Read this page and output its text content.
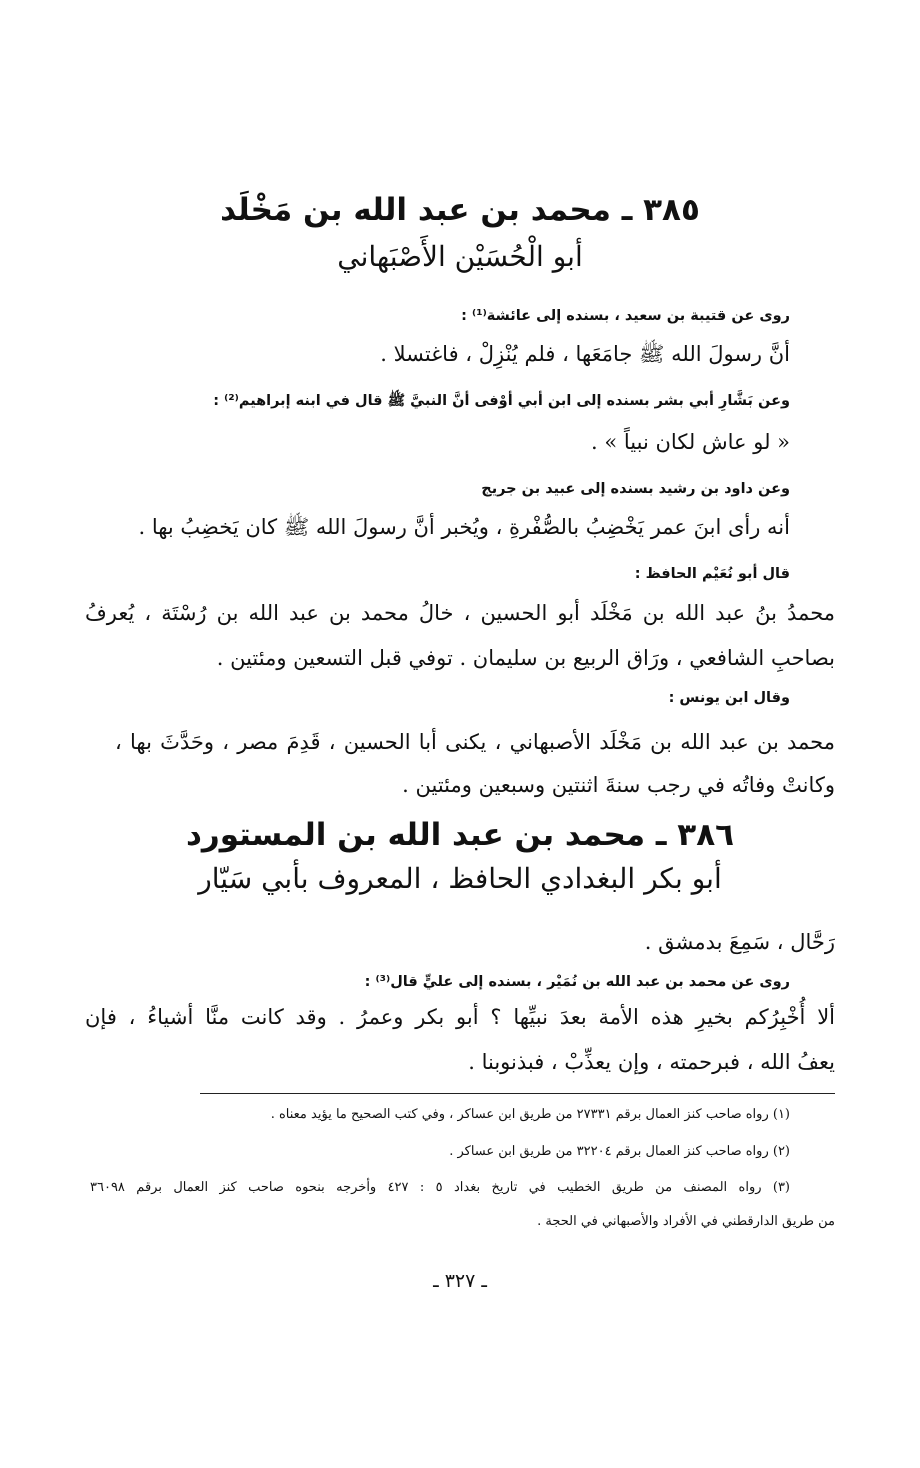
٣٨٥ ـ محمد بن عبد الله بن مَخْلَد
أبو الْحُسَيْن الأَصْبَهاني
روى عن قتيبة بن سعيد ، بسنده إلى عائشة⁽¹⁾ :
أنَّ رسولَ الله ﷺ جامَعَها ، فلم يُنْزِلْ ، فاغتسلا .
وعن بَشَّارِ أبي بشر بسنده إلى ابن أبي أوْفى أنَّ النبيَّ ﷺ قال في ابنه إبراهيم⁽²⁾ :
« لو عاش لكان نبياً » .
وعن داود بن رشيد بسنده إلى عبيد بن جريج
أنه رأى ابنَ عمر يَخْضِبُ بالصُّفْرةِ ، ويُخبر أنَّ رسولَ الله ﷺ كان يَخضِبُ بها .
قال أبو نُعَيْم الحافظ :
محمدُ بنُ عبد الله بن مَخْلَد أبو الحسين ، خالُ محمد بن عبد الله بن رُسْتَة ، يُعرفُ
بصاحبِ الشافعي ، ورَاق الربيع بن سليمان . توفي قبل التسعين ومئتين .
وقال ابن يونس :
محمد بن عبد الله بن مَخْلَد الأصبهاني ، يكنى أبا الحسين ، قَدِمَ مصر ، وحَدَّثَ بها ،
وكانتْ وفاتُه في رجب سنةَ اثنتين وسبعين ومئتين .
٣٨٦ ـ محمد بن عبد الله بن المستورد
أبو بكر البغدادي الحافظ ، المعروف بأبي سَيّار
رَحَّال ، سَمِعَ بدمشق .
روى عن محمد بن عبد الله بن نُمَيْر ، بسنده إلى عليٍّ قال⁽³⁾ :
ألا أُخْبِرُكم بخيرِ هذه الأمة بعدَ نبيِّها ؟ أبو بكر وعمرُ . وقد كانت منَّا أشياءُ ، فإن
يعفُ الله ، فبرحمته ، وإن يعذِّبْ ، فبذنوبنا .
(١) رواه صاحب كنز العمال برقم ٢٧٣٣١ من طريق ابن عساكر ، وفي كتب الصحيح ما يؤيد معناه .
(٢) رواه صاحب كنز العمال برقم ٣٢٢٠٤ من طريق ابن عساكر .
(٣) رواه المصنف من طريق الخطيب في تاريخ بغداد ٥ : ٤٢٧ وأخرجه بنحوه صاحب كنز العمال برقم ٣٦٠٩٨
من طريق الدارقطني في الأفراد والأصبهاني في الحجة .
ـ ٣٢٧ ـ
